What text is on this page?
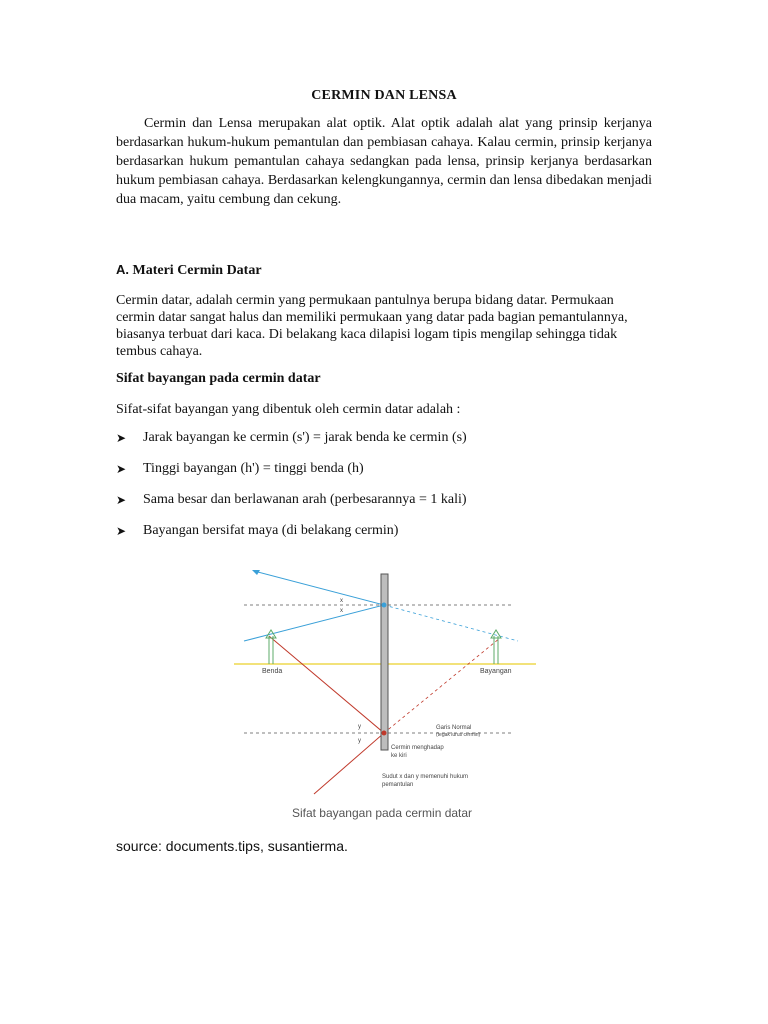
CERMIN DAN LENSA

Cermin dan Lensa merupakan alat optik. Alat optik adalah alat yang prinsip kerjanya berdasarkan hukum-hukum pemantulan dan pembiasan cahaya. Kalau cermin, prinsip kerjanya berdasarkan hukum pemantulan cahaya sedangkan pada lensa, prinsip kerjanya berdasarkan hukum pembiasan cahaya. Berdasarkan kelengkungannya, cermin dan lensa dibedakan menjadi dua macam, yaitu cembung dan cekung.

A. Materi Cermin Datar

Cermin datar, adalah cermin yang permukaan pantulnya berupa bidang datar. Permukaan cermin datar sangat halus dan memiliki permukaan yang datar pada bagian pemantulannya, biasanya terbuat dari kaca. Di belakang kaca dilapisi logam tipis mengilap sehingga tidak tembus cahaya.

Sifat bayangan pada cermin datar
Sifat-sifat bayangan yang dibentuk oleh cermin datar adalah :
➤	Jarak bayangan ke cermin (s') = jarak benda ke cermin (s)
➤	Tinggi bayangan (h') = tinggi benda (h)
➤	Sama besar dan berlawanan arah (perbesarannya = 1 kali)
➤	Bayangan bersifat maya (di belakang cermin)
Benda	Bayangan
x
x
y
y
Garis Normal
(tegak lurus cermin)
Cermin menghadap
ke kiri
Sudut x dan y memenuhi hukum
pemantulan
Sifat bayangan pada cermin datar
source: documents.tips, susantierma.
